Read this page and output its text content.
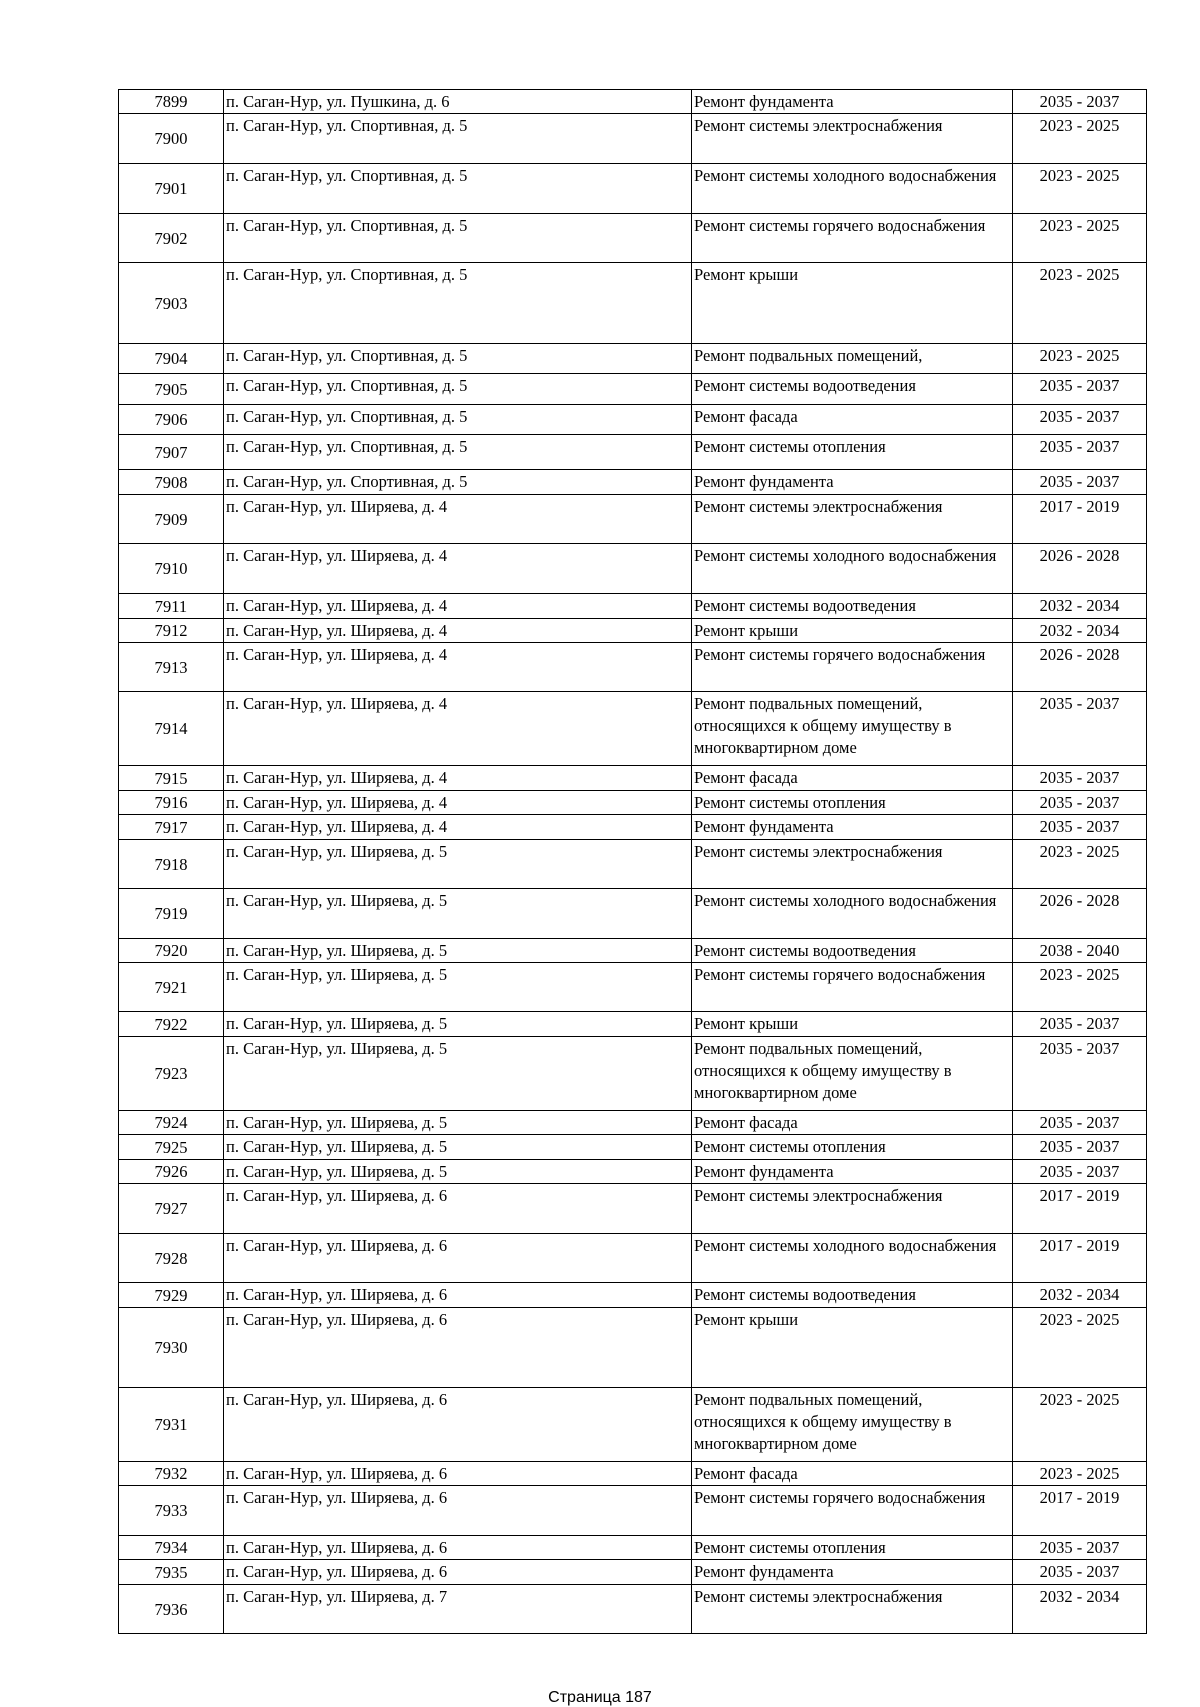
7899	п. Саган-Нур, ул. Пушкина, д. 6	Ремонт фундамента	2035 - 2037
7900	п. Саган-Нур, ул. Спортивная, д. 5	Ремонт системы электроснабжения	2023 - 2025
7901	п. Саган-Нур, ул. Спортивная, д. 5	Ремонт системы холодного водоснабжения	2023 - 2025
7902	п. Саган-Нур, ул. Спортивная, д. 5	Ремонт системы горячего водоснабжения	2023 - 2025
7903	п. Саган-Нур, ул. Спортивная, д. 5	Ремонт крыши	2023 - 2025
7904	п. Саган-Нур, ул. Спортивная, д. 5	Ремонт подвальных помещений,	2023 - 2025
7905	п. Саган-Нур, ул. Спортивная, д. 5	Ремонт системы водоотведения	2035 - 2037
7906	п. Саган-Нур, ул. Спортивная, д. 5	Ремонт фасада	2035 - 2037
7907	п. Саган-Нур, ул. Спортивная, д. 5	Ремонт системы отопления	2035 - 2037
7908	п. Саган-Нур, ул. Спортивная, д. 5	Ремонт фундамента	2035 - 2037
7909	п. Саган-Нур, ул. Ширяева, д. 4	Ремонт системы электроснабжения	2017 - 2019
7910	п. Саган-Нур, ул. Ширяева, д. 4	Ремонт системы холодного водоснабжения	2026 - 2028
7911	п. Саган-Нур, ул. Ширяева, д. 4	Ремонт системы водоотведения	2032 - 2034
7912	п. Саган-Нур, ул. Ширяева, д. 4	Ремонт крыши	2032 - 2034
7913	п. Саган-Нур, ул. Ширяева, д. 4	Ремонт системы горячего водоснабжения	2026 - 2028
7914	п. Саган-Нур, ул. Ширяева, д. 4	Ремонт подвальных помещений, относящихся к общему имуществу в многоквартирном доме	2035 - 2037
7915	п. Саган-Нур, ул. Ширяева, д. 4	Ремонт фасада	2035 - 2037
7916	п. Саган-Нур, ул. Ширяева, д. 4	Ремонт системы отопления	2035 - 2037
7917	п. Саган-Нур, ул. Ширяева, д. 4	Ремонт фундамента	2035 - 2037
7918	п. Саган-Нур, ул. Ширяева, д. 5	Ремонт системы электроснабжения	2023 - 2025
7919	п. Саган-Нур, ул. Ширяева, д. 5	Ремонт системы холодного водоснабжения	2026 - 2028
7920	п. Саган-Нур, ул. Ширяева, д. 5	Ремонт системы водоотведения	2038 - 2040
7921	п. Саган-Нур, ул. Ширяева, д. 5	Ремонт системы горячего водоснабжения	2023 - 2025
7922	п. Саган-Нур, ул. Ширяева, д. 5	Ремонт крыши	2035 - 2037
7923	п. Саган-Нур, ул. Ширяева, д. 5	Ремонт подвальных помещений, относящихся к общему имуществу в многоквартирном доме	2035 - 2037
7924	п. Саган-Нур, ул. Ширяева, д. 5	Ремонт фасада	2035 - 2037
7925	п. Саган-Нур, ул. Ширяева, д. 5	Ремонт системы отопления	2035 - 2037
7926	п. Саган-Нур, ул. Ширяева, д. 5	Ремонт фундамента	2035 - 2037
7927	п. Саган-Нур, ул. Ширяева, д. 6	Ремонт системы электроснабжения	2017 - 2019
7928	п. Саган-Нур, ул. Ширяева, д. 6	Ремонт системы холодного водоснабжения	2017 - 2019
7929	п. Саган-Нур, ул. Ширяева, д. 6	Ремонт системы водоотведения	2032 - 2034
7930	п. Саган-Нур, ул. Ширяева, д. 6	Ремонт крыши	2023 - 2025
7931	п. Саган-Нур, ул. Ширяева, д. 6	Ремонт подвальных помещений, относящихся к общему имуществу в многоквартирном доме	2023 - 2025
7932	п. Саган-Нур, ул. Ширяева, д. 6	Ремонт фасада	2023 - 2025
7933	п. Саган-Нур, ул. Ширяева, д. 6	Ремонт системы горячего водоснабжения	2017 - 2019
7934	п. Саган-Нур, ул. Ширяева, д. 6	Ремонт системы отопления	2035 - 2037
7935	п. Саган-Нур, ул. Ширяева, д. 6	Ремонт фундамента	2035 - 2037
7936	п. Саган-Нур, ул. Ширяева, д. 7	Ремонт системы электроснабжения	2032 - 2034
Страница 187
